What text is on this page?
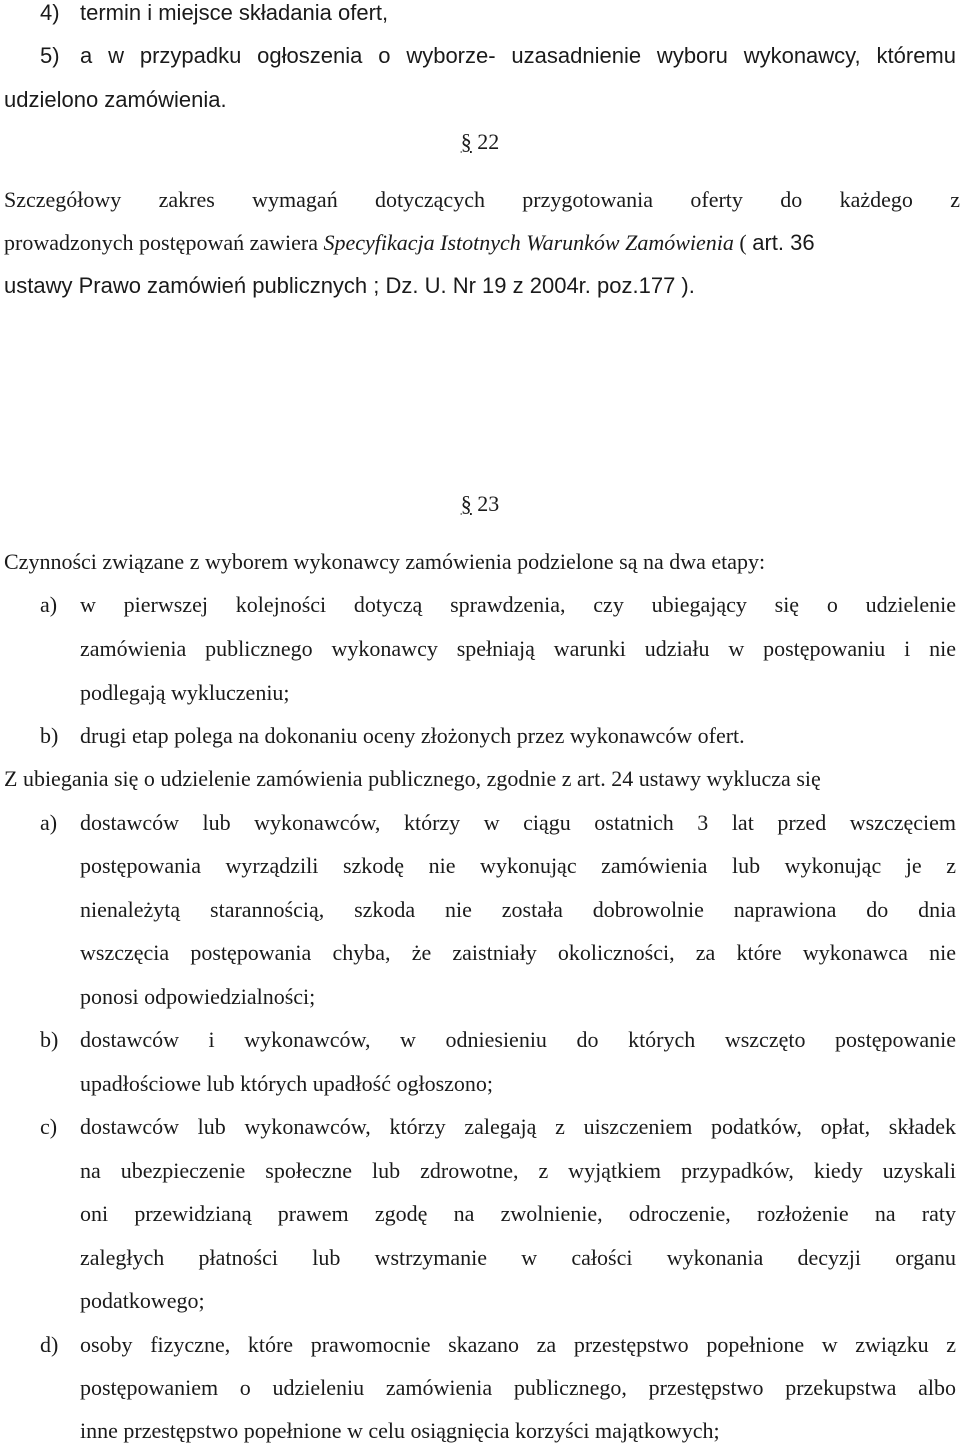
4) termin i miejsce składania ofert,
5) a w przypadku ogłoszenia o wyborze- uzasadnienie wyboru wykonawcy, któremu
udzielono zamówienia.
§ 22
Szczegółowy zakres wymagań dotyczących przygotowania oferty do każdego z
prowadzonych postępowań zawiera Specyfikacja Istotnych Warunków Zamówienia ( art. 36
ustawy Prawo zamówień publicznych ; Dz. U. Nr 19 z 2004r. poz.177 ).
§ 23
Czynności związane z wyborem wykonawcy zamówienia podzielone są na dwa etapy:
a) w pierwszej kolejności dotyczą sprawdzenia, czy ubiegający się o udzielenie
zamówienia publicznego wykonawcy spełniają warunki udziału w postępowaniu i nie
podlegają wykluczeniu;
b) drugi etap polega na dokonaniu oceny złożonych przez wykonawców ofert.
Z ubiegania się o udzielenie zamówienia publicznego, zgodnie z art. 24 ustawy wyklucza się
a) dostawców lub wykonawców, którzy w ciągu ostatnich 3 lat przed wszczęciem
postępowania wyrządzili szkodę nie wykonując zamówienia lub wykonując je z
nienależytą starannością, szkoda nie została dobrowolnie naprawiona do dnia
wszczęcia postępowania chyba, że zaistniały okoliczności, za które wykonawca nie
ponosi odpowiedzialności;
b) dostawców i wykonawców, w odniesieniu do których wszczęto postępowanie
upadłościowe lub których upadłość ogłoszono;
c) dostawców lub wykonawców, którzy zalegają z uiszczeniem podatków, opłat, składek
na ubezpieczenie społeczne lub zdrowotne, z wyjątkiem przypadków, kiedy uzyskali
oni przewidzianą prawem zgodę na zwolnienie, odroczenie, rozłożenie na raty
zaległych płatności lub wstrzymanie w całości wykonania decyzji organu
podatkowego;
d) osoby fizyczne, które prawomocnie skazano za przestępstwo popełnione w związku z
postępowaniem o udzieleniu zamówienia publicznego, przestępstwo przekupstwa albo
inne przestępstwo popełnione w celu osiągnięcia korzyści majątkowych;
